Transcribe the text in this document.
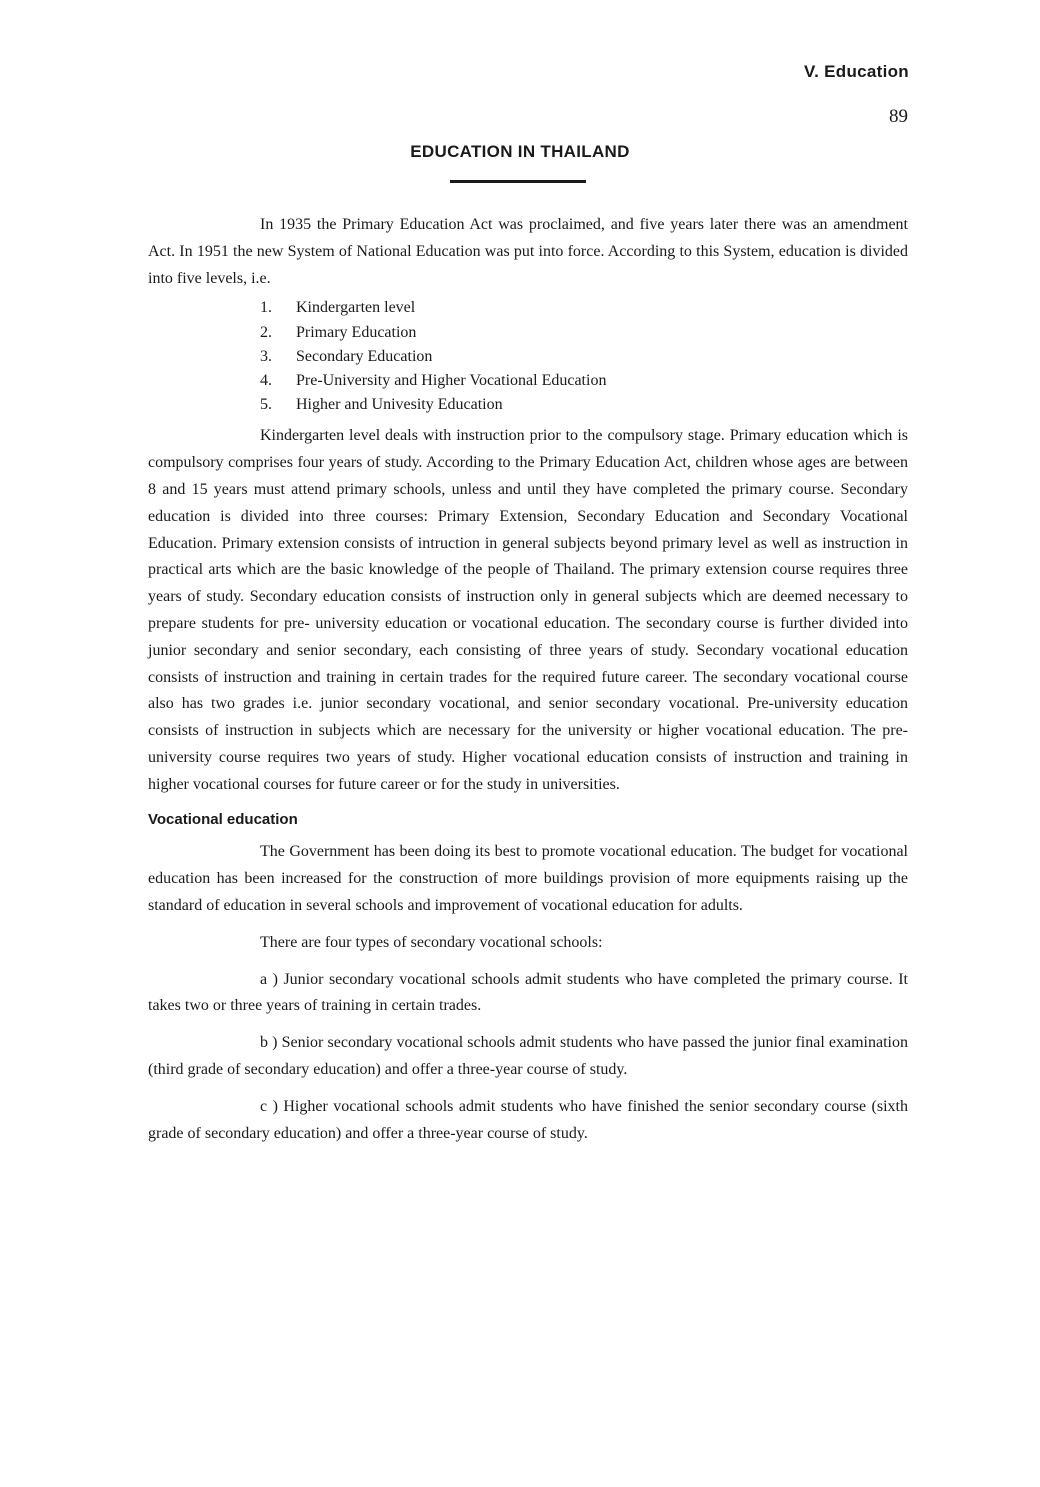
V. Education
89
EDUCATION IN THAILAND

In 1935 the Primary Education Act was proclaimed, and five years later there was an amendment Act. In 1951 the new System of National Education was put into force. According to this System, education is divided into five levels, i.e.

1.	Kindergarten level
2.	Primary Education
3.	Secondary Education
4.	Pre-University and Higher Vocational Education
5.	Higher and Univesity Education

Kindergarten level deals with instruction prior to the compulsory stage. Primary education which is compulsory comprises four years of study. According to the Primary Education Act, children whose ages are between 8 and 15 years must attend primary schools, unless and until they have completed the primary course. Secondary education is divided into three courses: Primary Extension, Secondary Education and Secondary Vocational Education. Primary extension consists of intruction in general subjects beyond primary level as well as instruction in practical arts which are the basic knowledge of the people of Thailand. The primary extension course requires three years of study. Secondary education consists of instruction only in general subjects which are deemed necessary to prepare students for pre- university education or vocational education. The secondary course is further divided into junior secondary and senior secondary, each consisting of three years of study. Secondary vocational education consists of instruction and training in certain trades for the required future career. The secondary vocational course also has two grades i.e. junior secondary vocational, and senior secondary vocational. Pre-university education consists of instruction in subjects which are necessary for the university or higher vocational education. The pre-university course requires two years of study. Higher vocational education consists of instruction and training in higher vocational courses for future career or for the study in universities.

Vocational education

The Government has been doing its best to promote vocational education. The budget for vocational education has been increased for the construction of more buildings provision of more equipments raising up the standard of education in several schools and improvement of vocational education for adults.

There are four types of secondary vocational schools:

a ) Junior secondary vocational schools admit students who have completed the primary course. It takes two or three years of training in certain trades.

b ) Senior secondary vocational schools admit students who have passed the junior final examination (third grade of secondary education) and offer a three-year course of study.

c ) Higher vocational schools admit students who have finished the senior secondary course (sixth grade of secondary education) and offer a three-year course of study.
